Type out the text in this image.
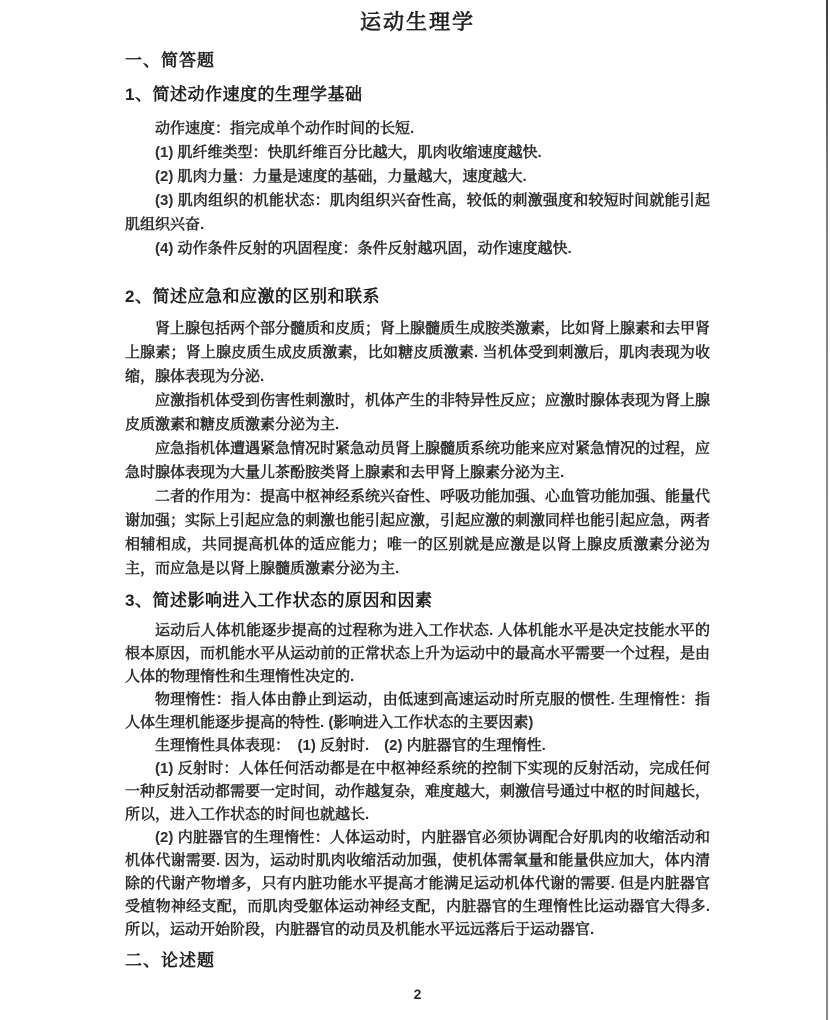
运动生理学
一、简答题
1、简述动作速度的生理学基础

动作速度：指完成单个动作时间的长短.

(1) 肌纤维类型：快肌纤维百分比越大，肌肉收缩速度越快.

(2) 肌肉力量：力量是速度的基础，力量越大，速度越大.

(3) 肌肉组织的机能状态：肌肉组织兴奋性高，较低的刺激强度和较短时间就能引起肌组织兴奋.

(4) 动作条件反射的巩固程度：条件反射越巩固，动作速度越快.

2、简述应急和应激的区别和联系

肾上腺包括两个部分髓质和皮质；肾上腺髓质生成胺类激素，比如肾上腺素和去甲肾上腺素；肾上腺皮质生成皮质激素，比如糖皮质激素. 当机体受到刺激后，肌肉表现为收缩，腺体表现为分泌.

应激指机体受到伤害性刺激时，机体产生的非特异性反应；应激时腺体表现为肾上腺皮质激素和糖皮质激素分泌为主.

应急指机体遭遇紧急情况时紧急动员肾上腺髓质系统功能来应对紧急情况的过程，应急时腺体表现为大量儿茶酚胺类肾上腺素和去甲肾上腺素分泌为主.

二者的作用为：提高中枢神经系统兴奋性、呼吸功能加强、心血管功能加强、能量代谢加强；实际上引起应急的刺激也能引起应激，引起应激的刺激同样也能引起应急，两者相辅相成，共同提高机体的适应能力；唯一的区别就是应激是以肾上腺皮质激素分泌为主，而应急是以肾上腺髓质激素分泌为主.

3、简述影响进入工作状态的原因和因素

运动后人体机能逐步提高的过程称为进入工作状态. 人体机能水平是决定技能水平的根本原因，而机能水平从运动前的正常状态上升为运动中的最高水平需要一个过程，是由人体的物理惰性和生理惰性决定的.

物理惰性：指人体由静止到运动，由低速到高速运动时所克服的惯性. 生理惰性：指人体生理机能逐步提高的特性. (影响进入工作状态的主要因素)

生理惰性具体表现：　(1) 反射时.　(2) 内脏器官的生理惰性.

(1) 反射时：人体任何活动都是在中枢神经系统的控制下实现的反射活动，完成任何一种反射活动都需要一定时间，动作越复杂，难度越大，刺激信号通过中枢的时间越长，所以，进入工作状态的时间也就越长.

(2) 内脏器官的生理惰性：人体运动时，内脏器官必须协调配合好肌肉的收缩活动和机体代谢需要. 因为，运动时肌肉收缩活动加强，使机体需氧量和能量供应加大，体内清除的代谢产物增多，只有内脏功能水平提高才能满足运动机体代谢的需要. 但是内脏器官受植物神经支配，而肌肉受躯体运动神经支配，内脏器官的生理惰性比运动器官大得多. 所以，运动开始阶段，内脏器官的动员及机能水平远远落后于运动器官.

二、论述题
2
